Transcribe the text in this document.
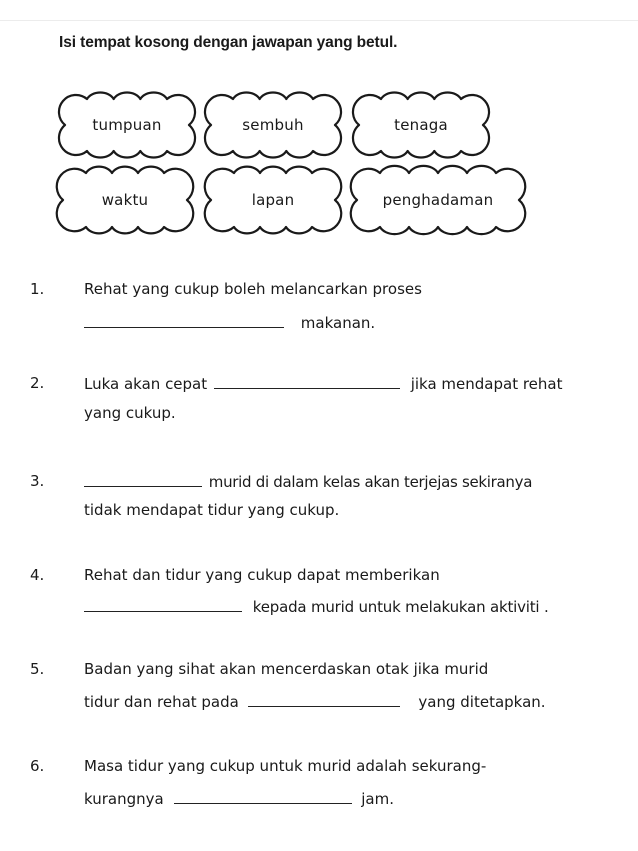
Isi tempat kosong dengan jawapan yang betul.
tumpuan	sembuh	tenaga
waktu	lapan	penghadaman
1.	Rehat yang cukup boleh melancarkan proses
makanan.
2.	Luka akan cepat	jika mendapat rehat
yang cukup.
3.	murid di dalam kelas akan terjejas sekiranya
tidak mendapat tidur yang cukup.
4.	Rehat dan tidur yang cukup dapat memberikan
kepada murid untuk melakukan aktiviti .
5.	Badan yang sihat akan mencerdaskan otak jika murid
tidur dan rehat pada	yang ditetapkan.
6.	Masa tidur yang cukup untuk murid adalah sekurang-
kurangnya	jam.
